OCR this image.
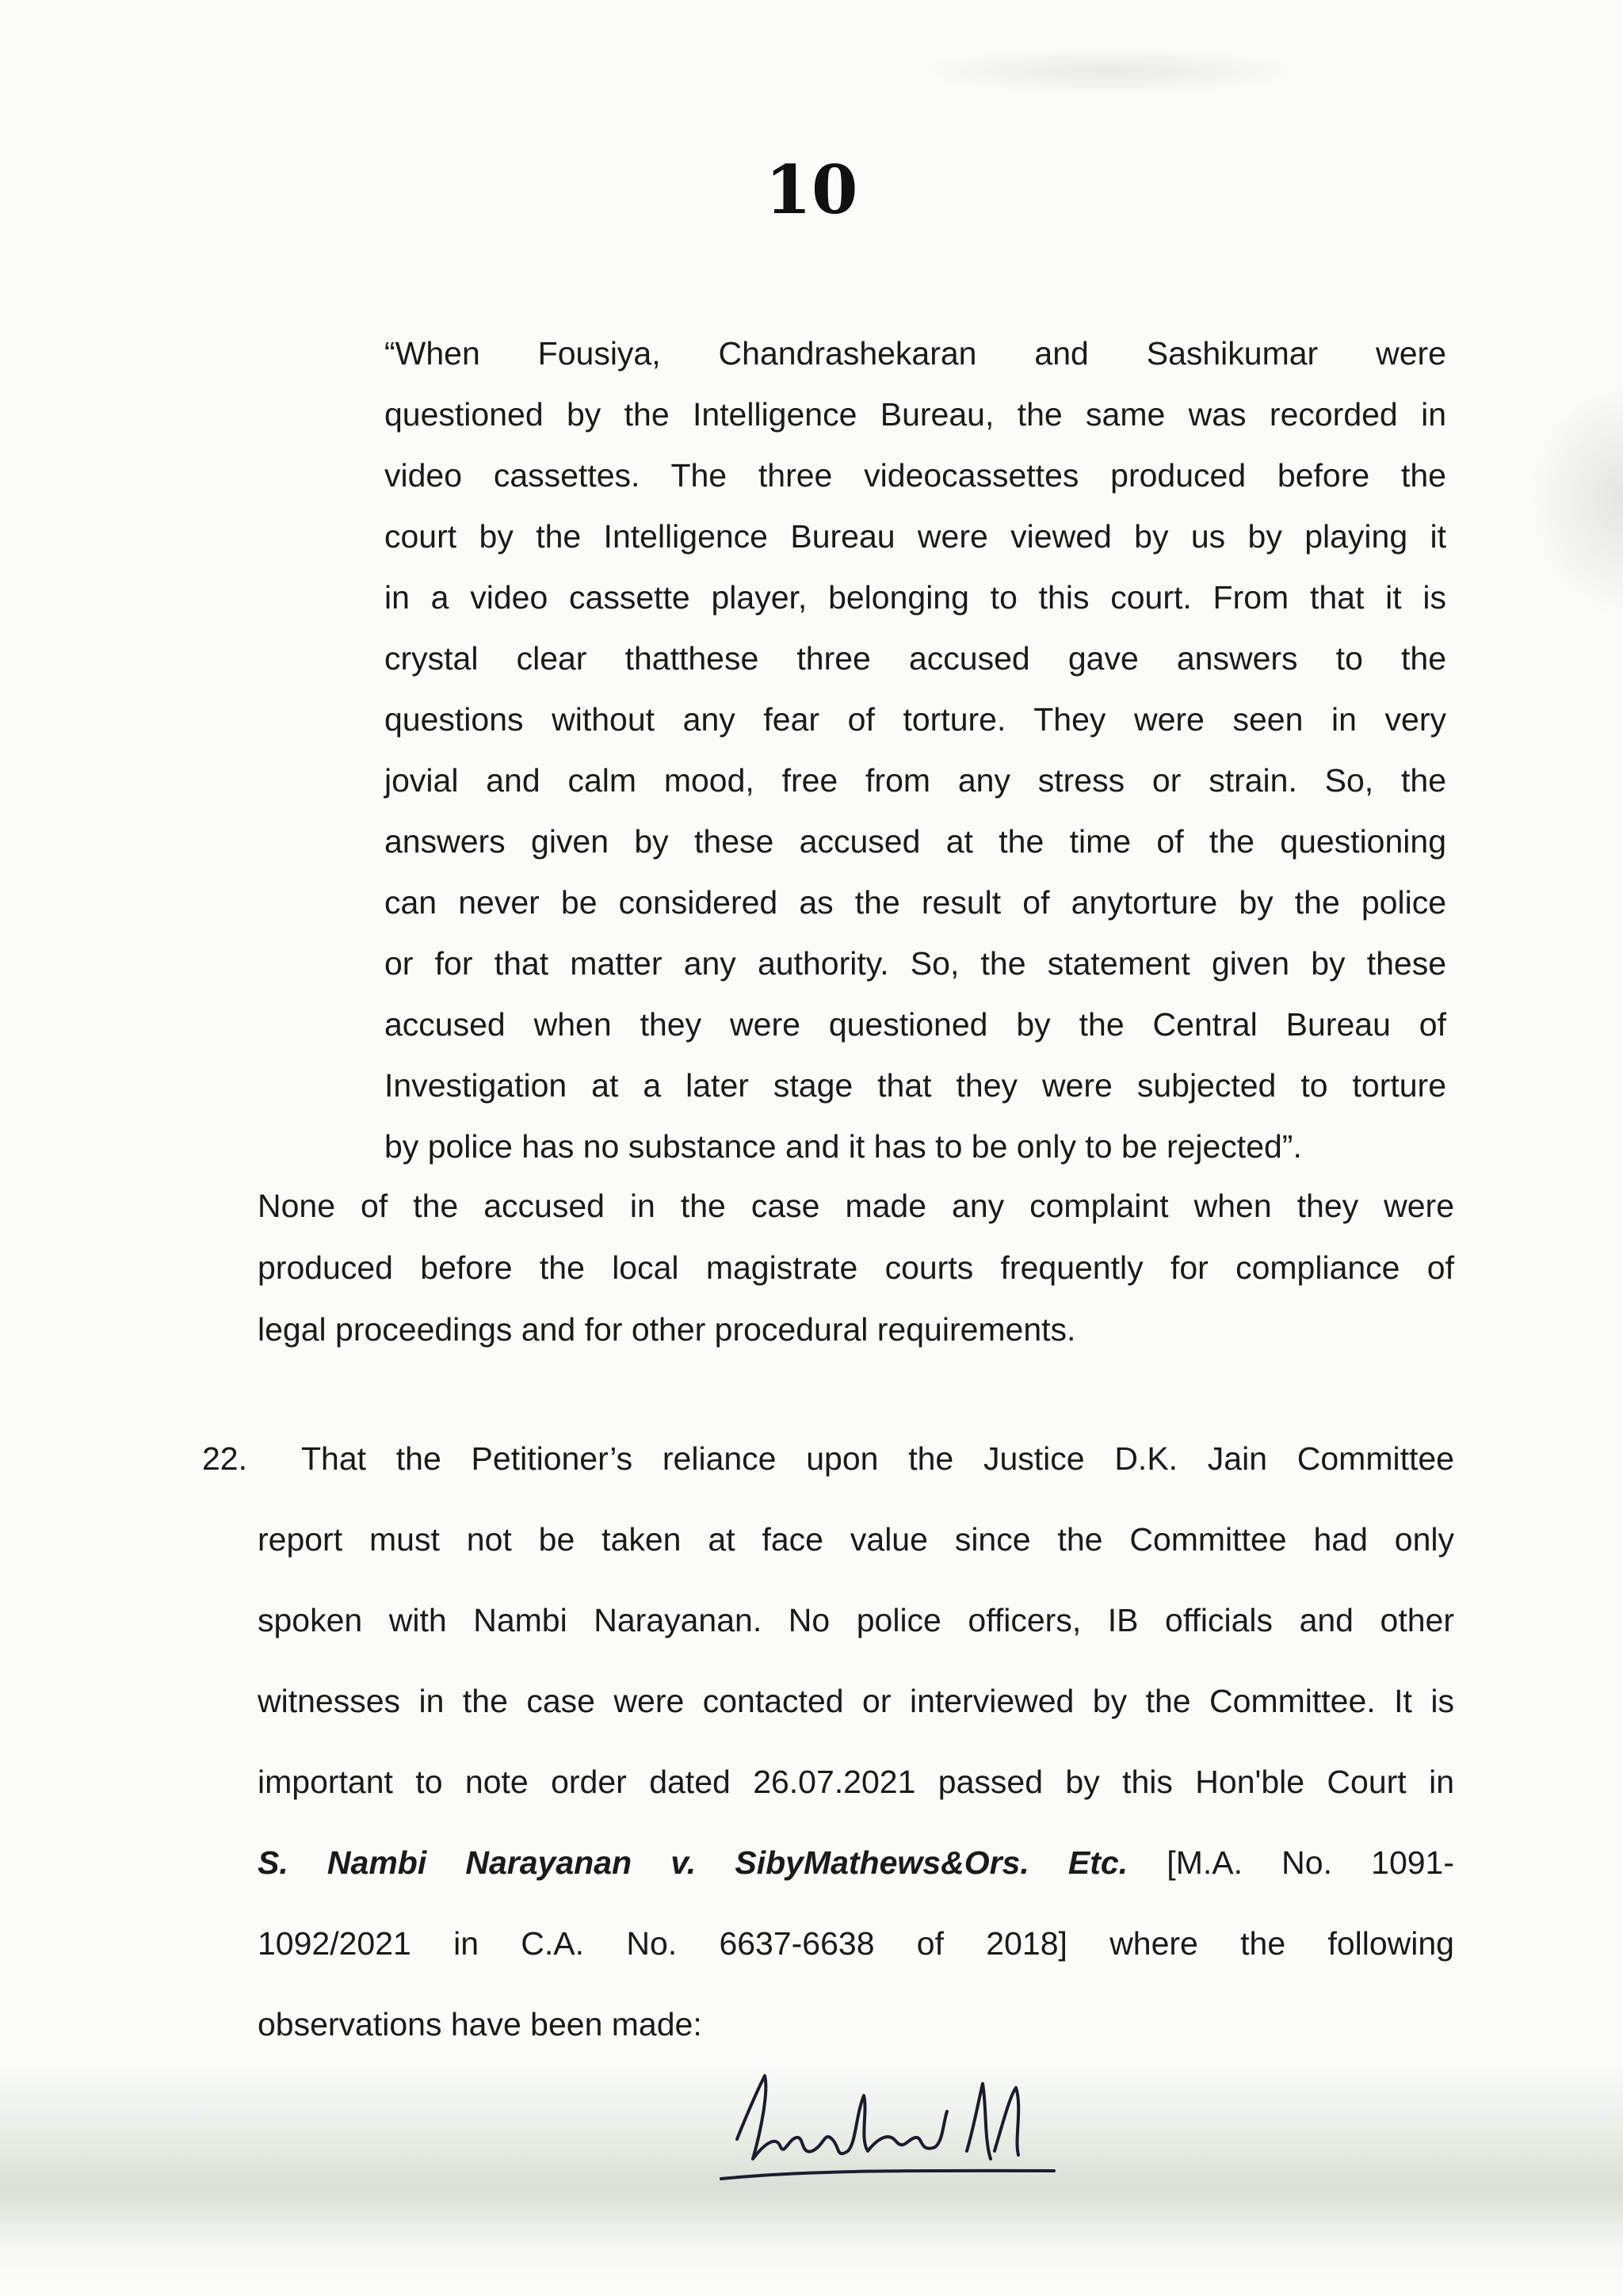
10
“When Fousiya, Chandrashekaran and Sashikumar were
questioned by the Intelligence Bureau, the same was recorded in
video cassettes. The three videocassettes produced before the
court by the Intelligence Bureau were viewed by us by playing it
in a video cassette player, belonging to this court. From that it is
crystal clear thatthese three accused gave answers to the
questions without any fear of torture. They were seen in very
jovial and calm mood, free from any stress or strain. So, the
answers given by these accused at the time of the questioning
can never be considered as the result of anytorture by the police
or for that matter any authority. So, the statement given by these
accused when they were questioned by the Central Bureau of
Investigation at a later stage that they were subjected to torture
by police has no substance and it has to be only to be rejected”.
None of the accused in the case made any complaint when they were
produced before the local magistrate courts frequently for compliance of
legal proceedings and for other procedural requirements.
22.	That the Petitioner’s reliance upon the Justice D.K. Jain Committee
report must not be taken at face value since the Committee had only
spoken with Nambi Narayanan. No police officers, IB officials and other
witnesses in the case were contacted or interviewed by the Committee. It is
important to note order dated 26.07.2021 passed by this Hon'ble Court in
S. Nambi Narayanan v. SibyMathews&Ors. Etc. [M.A. No. 1091-
1092/2021 in C.A. No. 6637-6638 of 2018] where the following
observations have been made:
